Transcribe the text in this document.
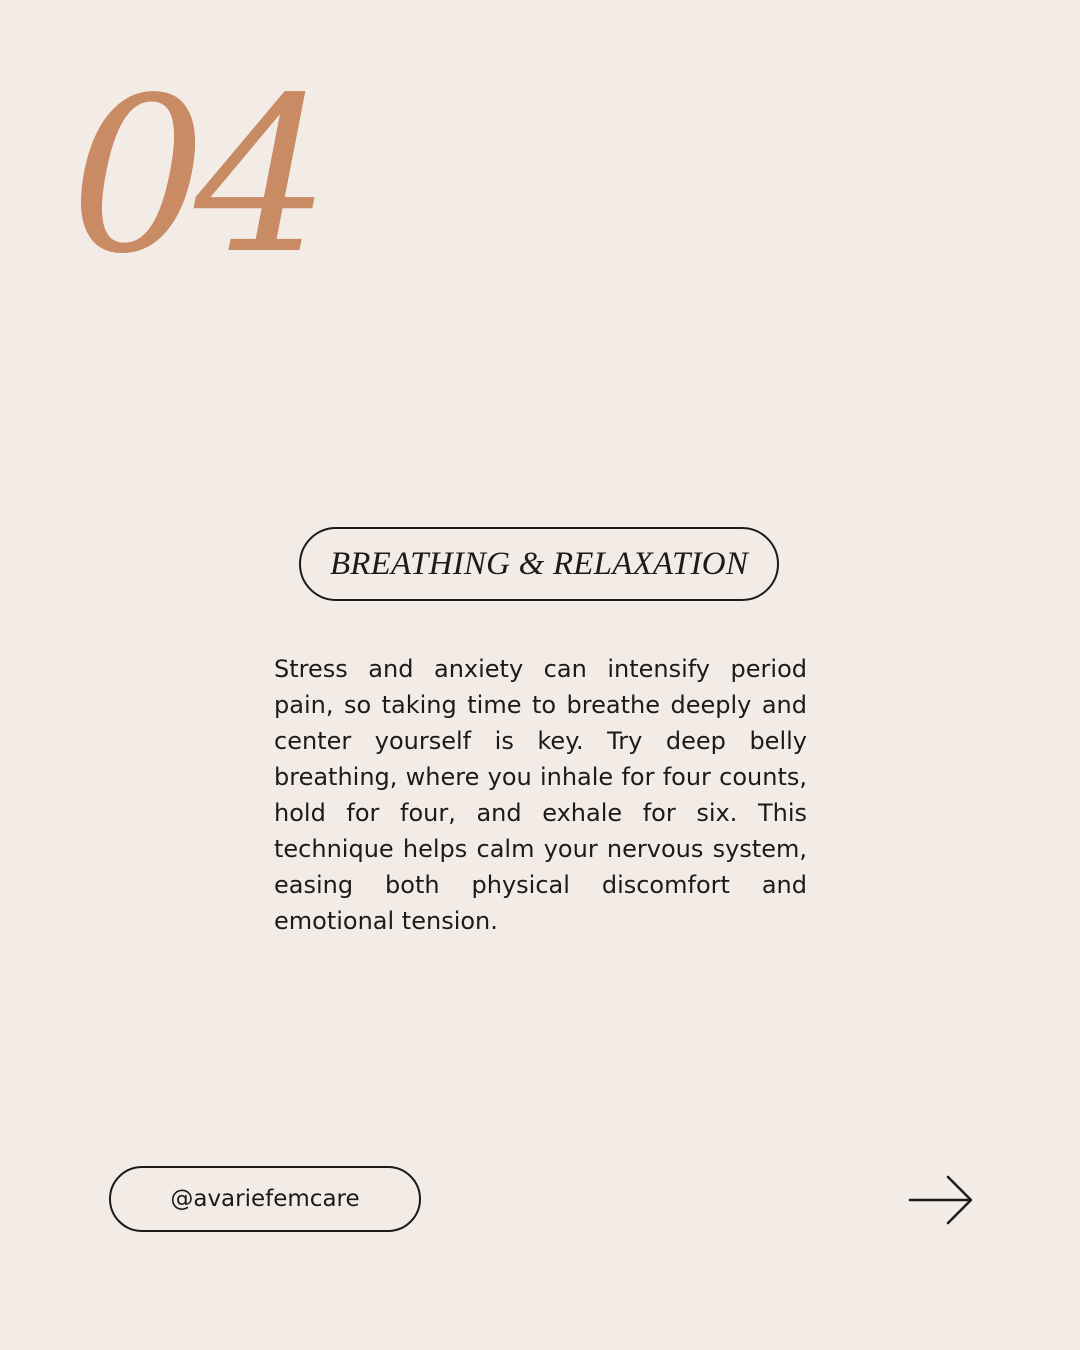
04
BREATHING & RELAXATION

Stress and anxiety can intensify period pain, so taking time to breathe deeply and center yourself is key. Try deep belly breathing, where you inhale for four counts, hold for four, and exhale for six. This technique helps calm your nervous system, easing both physical discomfort and emotional tension.

@avariefemcare
